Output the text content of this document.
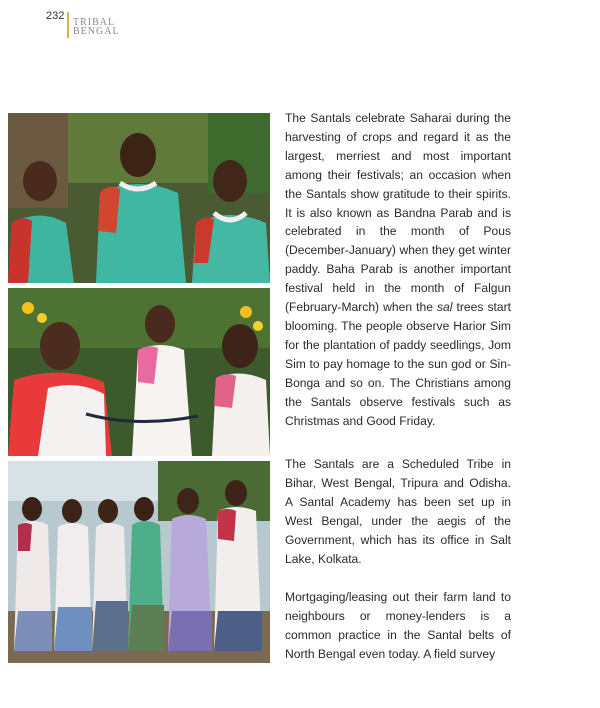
232
TRIBAL
BENGAL
The Santals celebrate Saharai during the harvesting of crops and regard it as the largest, merriest and most important among their festivals; an occasion when the Santals show gratitude to their spirits. It is also known as Bandna Parab and is celebrated in the month of Pous (December-January) when they get winter paddy. Baha Parab is another important festival held in the month of Falgun (February-March) when the sal trees start blooming. The people observe Harior Sim for the plantation of paddy seedlings, Jom Sim to pay homage to the sun god or Sin-Bonga and so on. The Christians among the Santals observe festivals such as Christmas and Good Friday.
The Santals are a Scheduled Tribe in Bihar, West Bengal, Tripura and Odisha. A Santal Academy has been set up in West Bengal, under the aegis of the Government, which has its office in Salt Lake, Kolkata.
Mortgaging/leasing out their farm land to neighbours or money-lenders is a common practice in the Santal belts of North Bengal even today. A field survey
